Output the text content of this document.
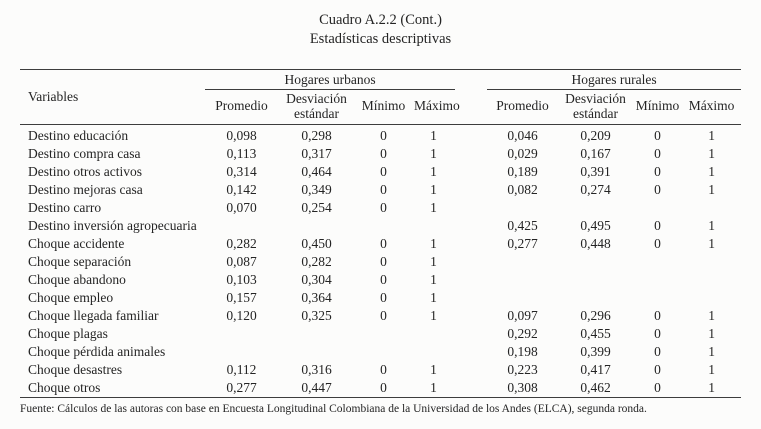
Cuadro A.2.2 (Cont.)
Estadísticas descriptivas
Variables	Hogares urbanos					Hogares rurales			
	Promedio	Desviación estándar	Mínimo	Máximo		Promedio	Desviación estándar	Mínimo	Máximo
Destino educación	0,098	0,298	0	1		0,046	0,209	0	1
Destino compra casa	0,113	0,317	0	1		0,029	0,167	0	1
Destino otros activos	0,314	0,464	0	1		0,189	0,391	0	1
Destino mejoras casa	0,142	0,349	0	1		0,082	0,274	0	1
Destino carro	0,070	0,254	0	1					
Destino inversión agropecuaria						0,425	0,495	0	1
Choque accidente	0,282	0,450	0	1		0,277	0,448	0	1
Choque separación	0,087	0,282	0	1					
Choque abandono	0,103	0,304	0	1					
Choque empleo	0,157	0,364	0	1					
Choque llegada familiar	0,120	0,325	0	1		0,097	0,296	0	1
Choque plagas						0,292	0,455	0	1
Choque pérdida animales						0,198	0,399	0	1
Choque desastres	0,112	0,316	0	1		0,223	0,417	0	1
Choque otros	0,277	0,447	0	1		0,308	0,462	0	1
Fuente: Cálculos de las autoras con base en Encuesta Longitudinal Colombiana de la Universidad de los Andes (ELCA), segunda ronda.
